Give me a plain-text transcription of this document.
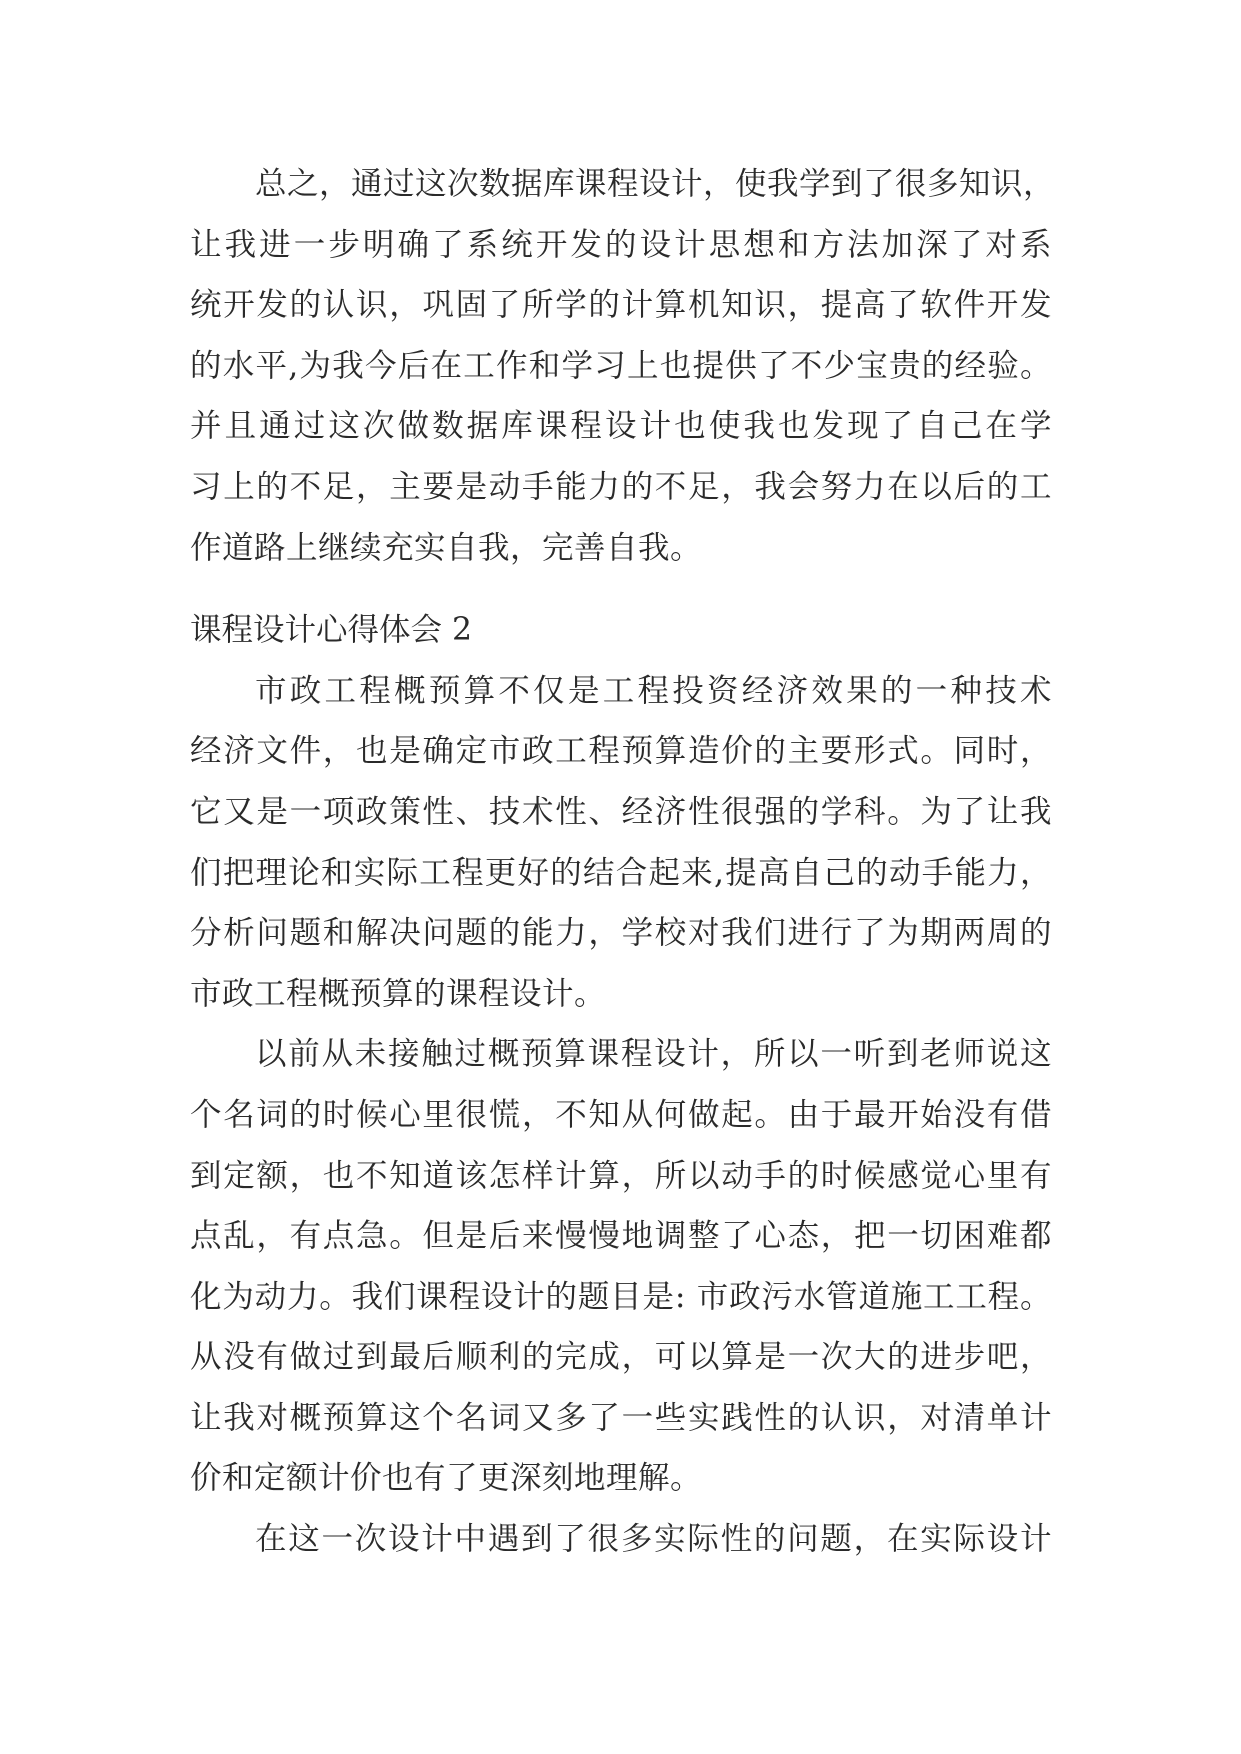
总之，通过这次数据库课程设计，使我学到了很多知识，
让我进一步明确了系统开发的设计思想和方法加深了对系
统开发的认识，巩固了所学的计算机知识，提高了软件开发
的水平,为我今后在工作和学习上也提供了不少宝贵的经验。
并且通过这次做数据库课程设计也使我也发现了自己在学
习上的不足，主要是动手能力的不足，我会努力在以后的工
作道路上继续充实自我，完善自我。
课程设计心得体会 2
市政工程概预算不仅是工程投资经济效果的一种技术
经济文件，也是确定市政工程预算造价的主要形式。同时，
它又是一项政策性、技术性、经济性很强的学科。为了让我
们把理论和实际工程更好的结合起来,提高自己的动手能力，
分析问题和解决问题的能力，学校对我们进行了为期两周的
市政工程概预算的课程设计。
以前从未接触过概预算课程设计，所以一听到老师说这
个名词的时候心里很慌，不知从何做起。由于最开始没有借
到定额，也不知道该怎样计算，所以动手的时候感觉心里有
点乱，有点急。但是后来慢慢地调整了心态，把一切困难都
化为动力。我们课程设计的题目是: 市政污水管道施工工程。
从没有做过到最后顺利的完成，可以算是一次大的进步吧，
让我对概预算这个名词又多了一些实践性的认识，对清单计
价和定额计价也有了更深刻地理解。
在这一次设计中遇到了很多实际性的问题，在实际设计
